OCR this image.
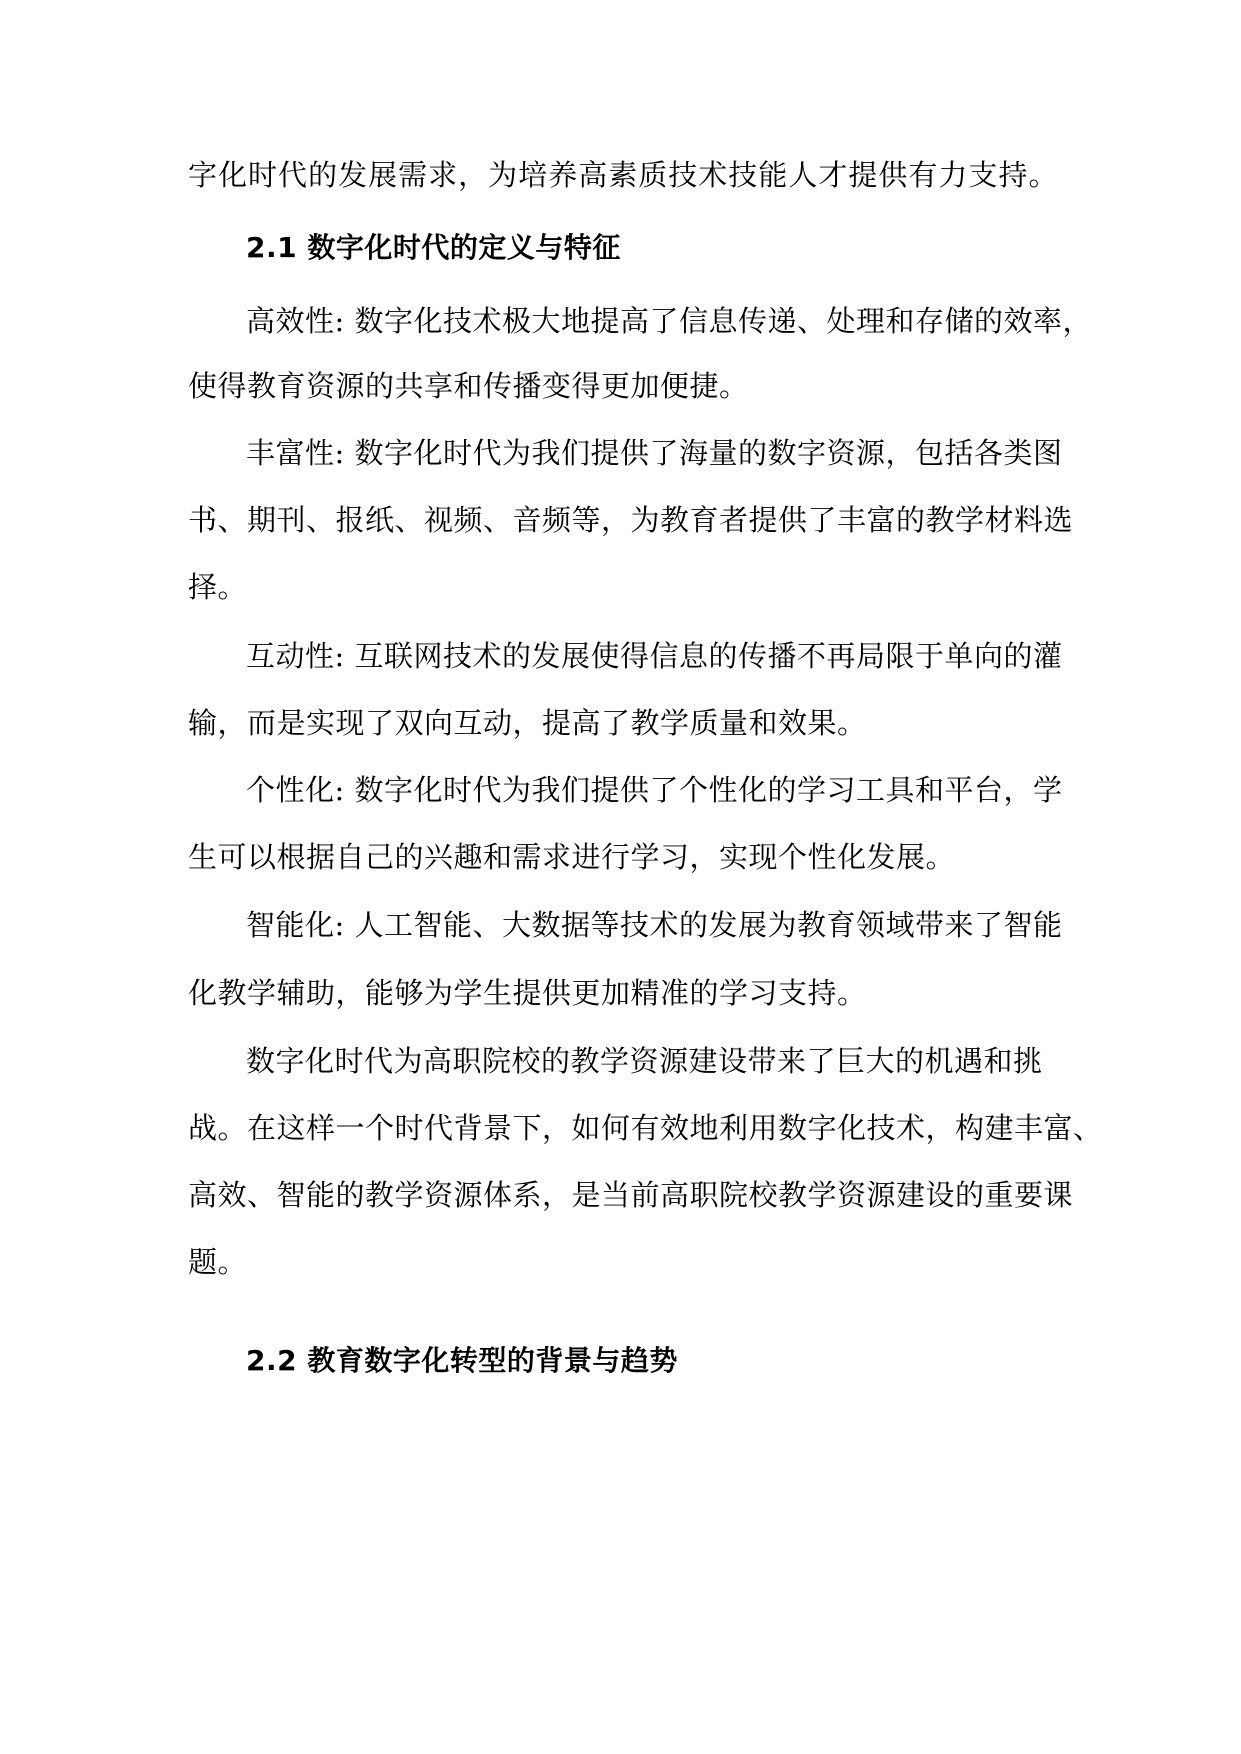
字化时代的发展需求，为培养高素质技术技能人才提供有力支持。
2.1 数字化时代的定义与特征
高效性: 数字化技术极大地提高了信息传递、处理和存储的效率，
使得教育资源的共享和传播变得更加便捷。
丰富性: 数字化时代为我们提供了海量的数字资源，包括各类图
书、期刊、报纸、视频、音频等，为教育者提供了丰富的教学材料选
择。
互动性: 互联网技术的发展使得信息的传播不再局限于单向的灌
输，而是实现了双向互动，提高了教学质量和效果。
个性化: 数字化时代为我们提供了个性化的学习工具和平台，学
生可以根据自己的兴趣和需求进行学习，实现个性化发展。
智能化: 人工智能、大数据等技术的发展为教育领域带来了智能
化教学辅助，能够为学生提供更加精准的学习支持。
数字化时代为高职院校的教学资源建设带来了巨大的机遇和挑
战。在这样一个时代背景下，如何有效地利用数字化技术，构建丰富、
高效、智能的教学资源体系，是当前高职院校教学资源建设的重要课
题。
2.2 教育数字化转型的背景与趋势
